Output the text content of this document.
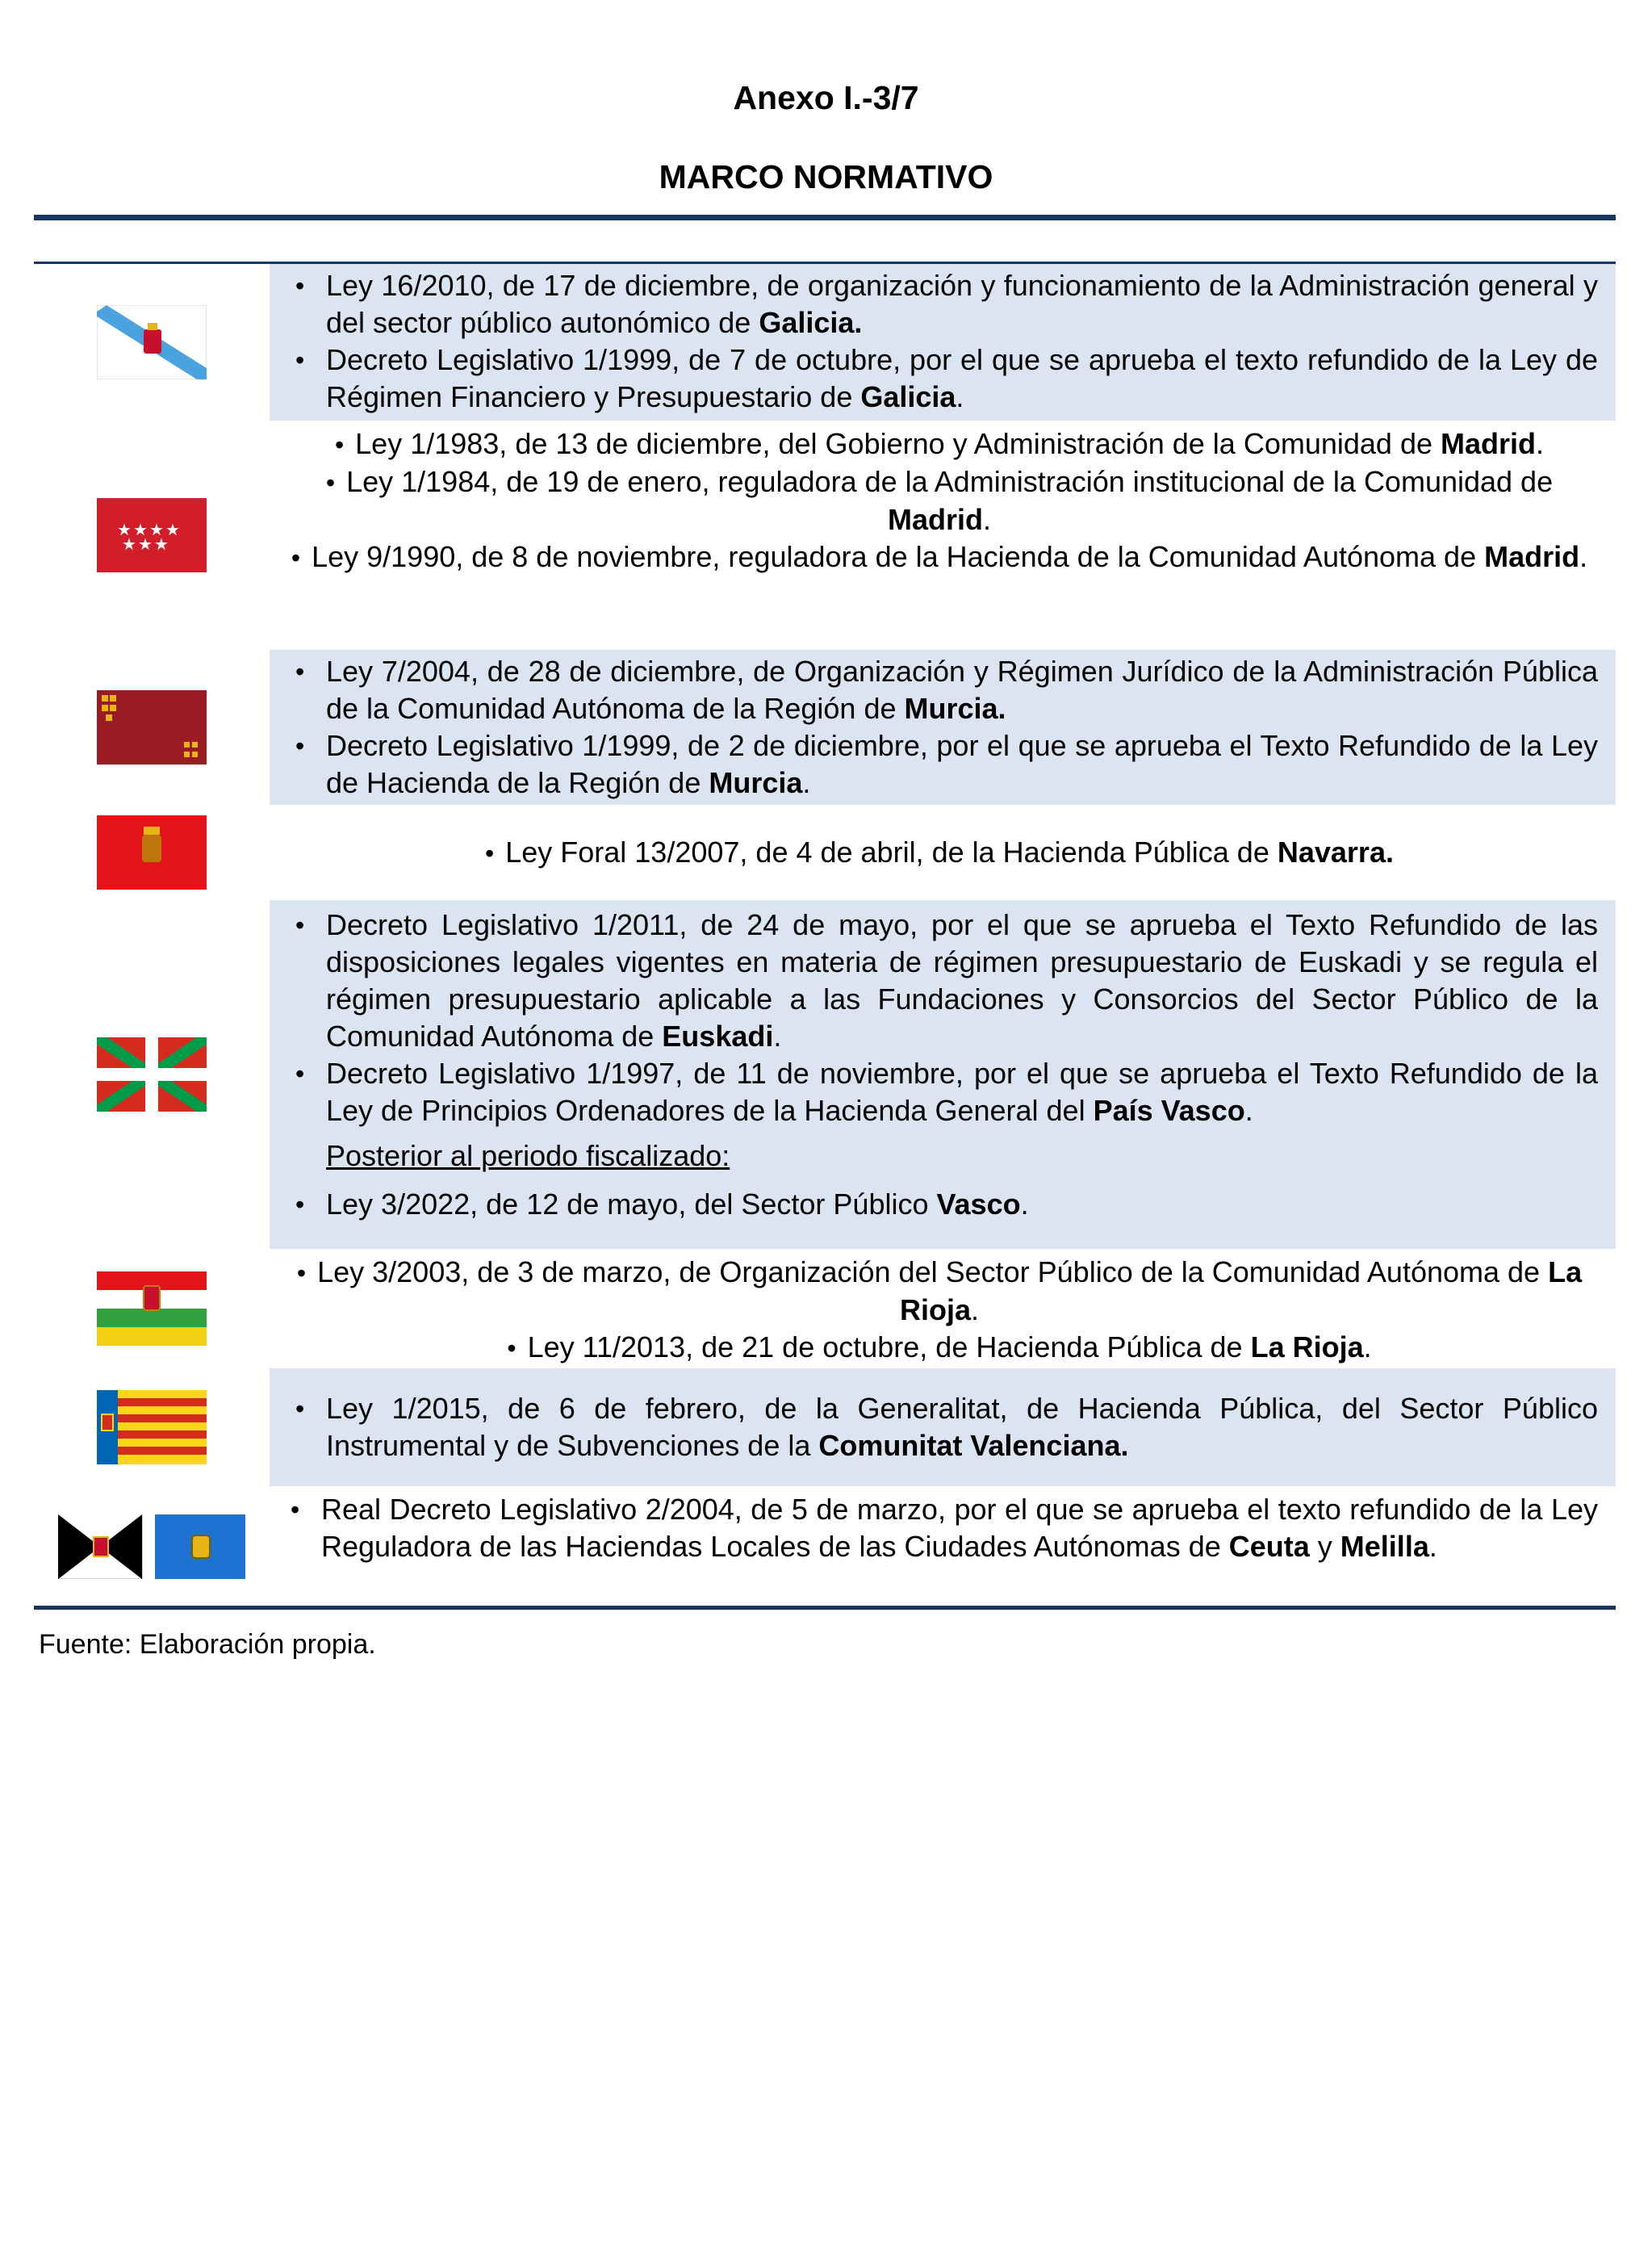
Anexo I.-3/7
MARCO NORMATIVO
• Ley 16/2010, de 17 de diciembre, de organización y funcionamiento de la Administración general y del sector público autonómico de Galicia.
• Decreto Legislativo 1/1999, de 7 de octubre, por el que se aprueba el texto refundido de la Ley de Régimen Financiero y Presupuestario de Galicia.
★ ★ ★ ★
★ ★ ★
• Ley 1/1983, de 13 de diciembre, del Gobierno y Administración de la Comunidad de Madrid.
• Ley 1/1984, de 19 de enero, reguladora de la Administración institucional de la Comunidad de Madrid.
• Ley 9/1990, de 8 de noviembre, reguladora de la Hacienda de la Comunidad Autónoma de Madrid.
• Ley 7/2004, de 28 de diciembre, de Organización y Régimen Jurídico de la Administración Pública de la Comunidad Autónoma de la Región de Murcia.
• Decreto Legislativo 1/1999, de 2 de diciembre, por el que se aprueba el Texto Refundido de la Ley de Hacienda de la Región de Murcia.
• Ley Foral 13/2007, de 4 de abril, de la Hacienda Pública de Navarra.
• Decreto Legislativo 1/2011, de 24 de mayo, por el que se aprueba el Texto Refundido de las disposiciones legales vigentes en materia de régimen presupuestario de Euskadi y se regula el régimen presupuestario aplicable a las Fundaciones y Consorcios del Sector Público de la Comunidad Autónoma de Euskadi.
• Decreto Legislativo 1/1997, de 11 de noviembre, por el que se aprueba el Texto Refundido de la Ley de Principios Ordenadores de la Hacienda General del País Vasco.
Posterior al periodo fiscalizado:
• Ley 3/2022, de 12 de mayo, del Sector Público Vasco.
• Ley 3/2003, de 3 de marzo, de Organización del Sector Público de la Comunidad Autónoma de La Rioja.
• Ley 11/2013, de 21 de octubre, de Hacienda Pública de La Rioja.
• Ley 1/2015, de 6 de febrero, de la Generalitat, de Hacienda Pública, del Sector Público Instrumental y de Subvenciones de la Comunitat Valenciana.
• Real Decreto Legislativo 2/2004, de 5 de marzo, por el que se aprueba el texto refundido de la Ley Reguladora de las Haciendas Locales de las Ciudades Autónomas de Ceuta y Melilla.
Fuente: Elaboración propia.
